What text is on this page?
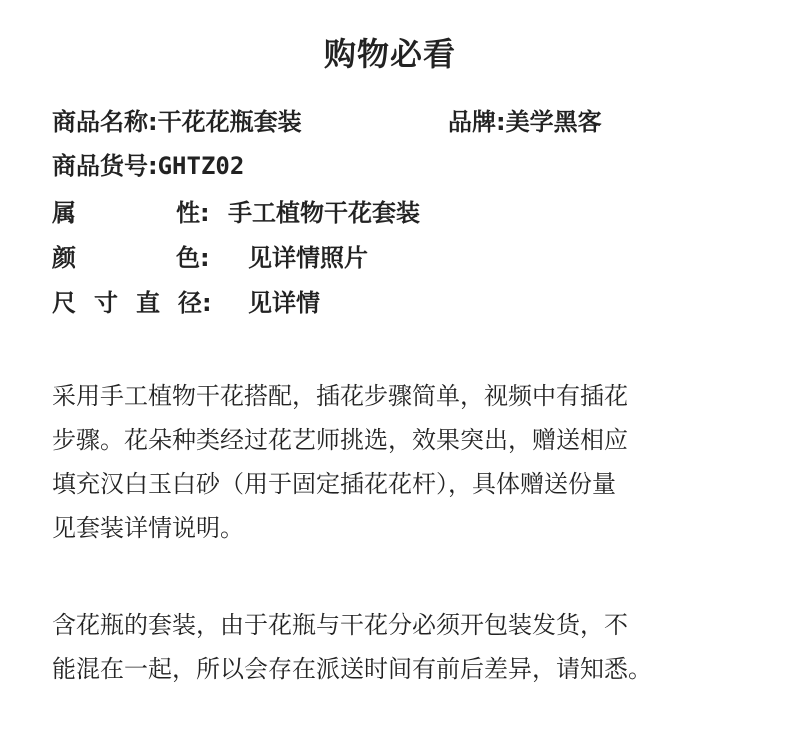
购物必看
商品名称:干花花瓶套装	品牌:美学黑客
商品货号:GHTZ02
属	性: 手工植物干花套装
颜	色: 见详情照片
尺 寸 直 径: 见详情
采用手工植物干花搭配，插花步骤简单，视频中有插花
步骤。花朵种类经过花艺师挑选，效果突出，赠送相应
填充汉白玉白砂（用于固定插花花杆），具体赠送份量
见套装详情说明。
含花瓶的套装，由于花瓶与干花分必须开包装发货，不
能混在一起，所以会存在派送时间有前后差异，请知悉。
